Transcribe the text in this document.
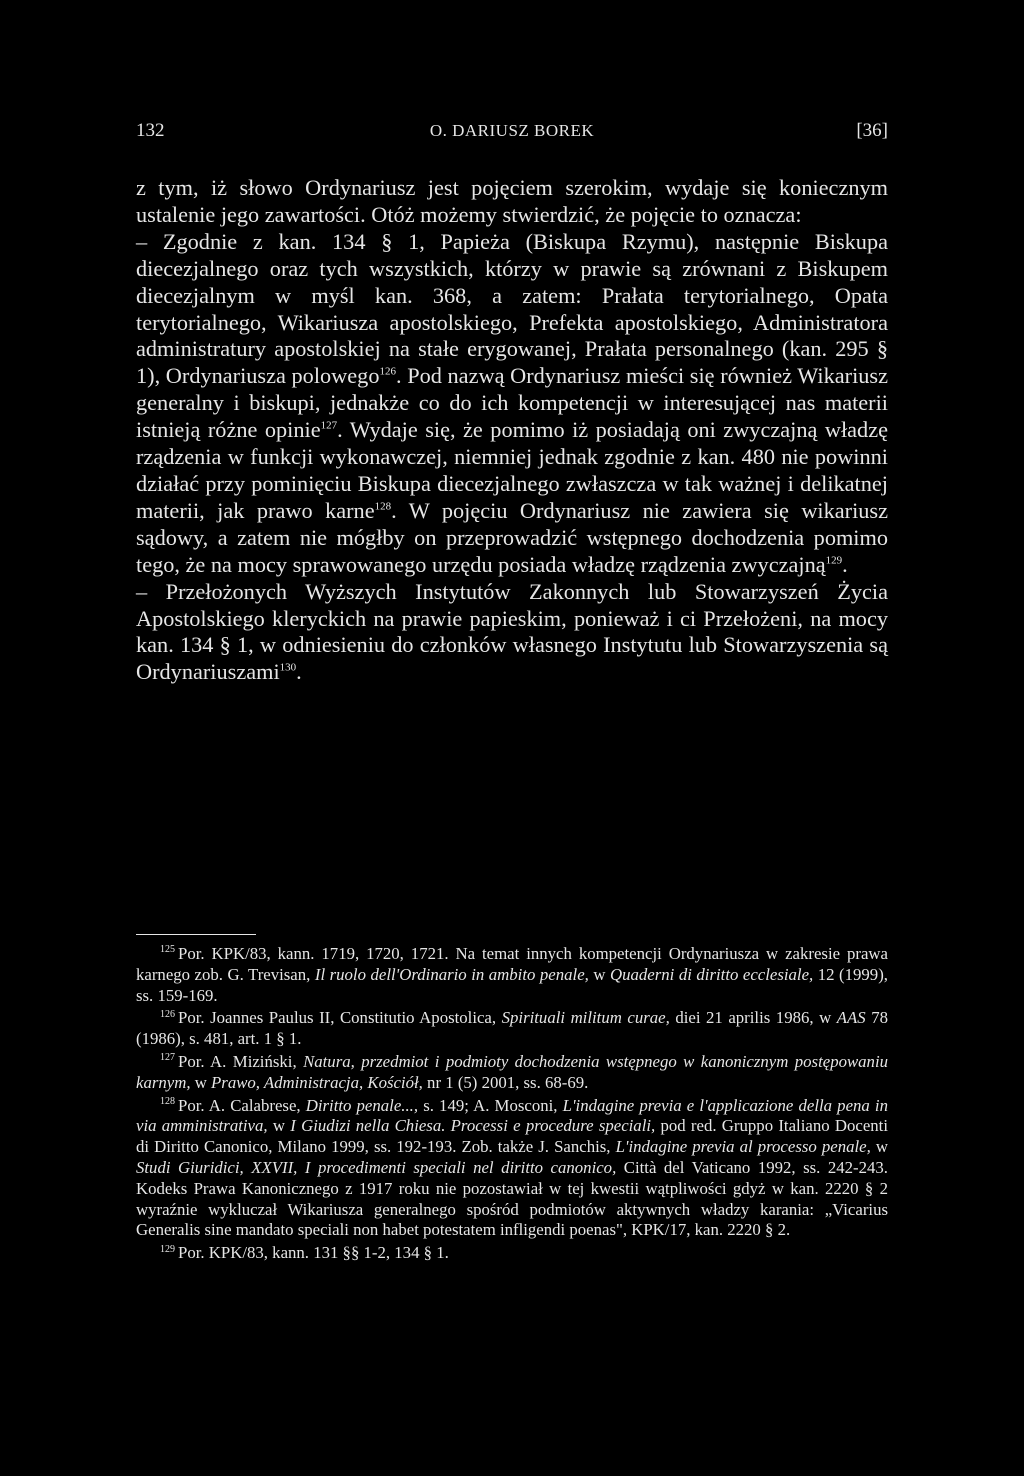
132	O. DARIUSZ BOREK	[36]

z tym, iż słowo Ordynariusz jest pojęciem szerokim, wydaje się koniecznym ustalenie jego zawartości. Otóż możemy stwierdzić, że pojęcie to oznacza:

– Zgodnie z kan. 134 § 1, Papieża (Biskupa Rzymu), następnie Biskupa diecezjalnego oraz tych wszystkich, którzy w prawie są zrównani z Biskupem diecezjalnym w myśl kan. 368, a zatem: Prałata terytorialnego, Opata terytorialnego, Wikariusza apostolskiego, Prefekta apostolskiego, Administratora administratury apostolskiej na stałe erygowanej, Prałata personalnego (kan. 295 § 1), Ordynariusza polowego$^{126}$. Pod nazwą Ordynariusz mieści się również Wikariusz generalny i biskupi, jednakże co do ich kompetencji w interesującej nas materii istnieją różne opinie$^{127}$. Wydaje się, że pomimo iż posiadają oni zwyczajną władzę rządzenia w funkcji wykonawczej, niemniej jednak zgodnie z kan. 480 nie powinni działać przy pominięciu Biskupa diecezjalnego zwłaszcza w tak ważnej i delikatnej materii, jak prawo karne$^{128}$. W pojęciu Ordynariusz nie zawiera się wikariusz sądowy, a zatem nie mógłby on przeprowadzić wstępnego dochodzenia pomimo tego, że na mocy sprawowanego urzędu posiada władzę rządzenia zwyczajną$^{129}$.

– Przełożonych Wyższych Instytutów Zakonnych lub Stowarzyszeń Życia Apostolskiego kleryckich na prawie papieskim, ponieważ i ci Przełożeni, na mocy kan. 134 § 1, w odniesieniu do członków własnego Instytutu lub Stowarzyszenia są Ordynariuszami$^{130}$.

$^{125}$ Por. KPK/83, kann. 1719, 1720, 1721. Na temat innych kompetencji Ordynariusza w zakresie prawa karnego zob. G. Trevisan, Il ruolo dell'Ordinario in ambito penale, w Quaderni di diritto ecclesiale, 12 (1999), ss. 159-169.

$^{126}$ Por. Joannes Paulus II, Constitutio Apostolica, Spirituali militum curae, diei 21 aprilis 1986, w AAS 78 (1986), s. 481, art. 1 § 1.

$^{127}$ Por. A. Miziński, Natura, przedmiot i podmioty dochodzenia wstępnego w kanonicznym postępowaniu karnym, w Prawo, Administracja, Kościół, nr 1 (5) 2001, ss. 68-69.

$^{128}$ Por. A. Calabrese, Diritto penale..., s. 149; A. Mosconi, L'indagine previa e l'applicazione della pena in via amministrativa, w I Giudizi nella Chiesa. Processi e procedure speciali, pod red. Gruppo Italiano Docenti di Diritto Canonico, Milano 1999, ss. 192-193. Zob. także J. Sanchis, L'indagine previa al processo penale, w Studi Giuridici, XXVII, I procedimenti speciali nel diritto canonico, Città del Vaticano 1992, ss. 242-243. Kodeks Prawa Kanonicznego z 1917 roku nie pozostawiał w tej kwestii wątpliwości gdyż w kan. 2220 § 2 wyraźnie wykluczał Wikariusza generalnego spośród podmiotów aktywnych władzy karania: „Vicarius Generalis sine mandato speciali non habet potestatem infligendi poenas", KPK/17, kan. 2220 § 2.

$^{129}$ Por. KPK/83, kann. 131 §§ 1-2, 134 § 1.
